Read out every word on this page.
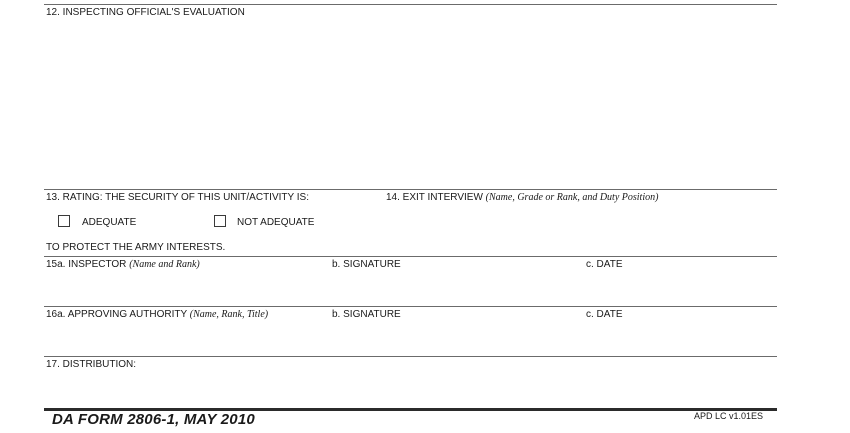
12. INSPECTING OFFICIAL'S EVALUATION
13. RATING: THE SECURITY OF THIS UNIT/ACTIVITY IS:
ADEQUATE	NOT ADEQUATE
TO PROTECT THE ARMY INTERESTS.
14. EXIT INTERVIEW (Name, Grade or Rank, and Duty Position)
15a. INSPECTOR (Name and Rank)	b. SIGNATURE	c. DATE
16a. APPROVING AUTHORITY (Name, Rank, Title)	b. SIGNATURE	c. DATE
17. DISTRIBUTION:
DA FORM 2806-1, MAY 2010	APD LC v1.01ES
